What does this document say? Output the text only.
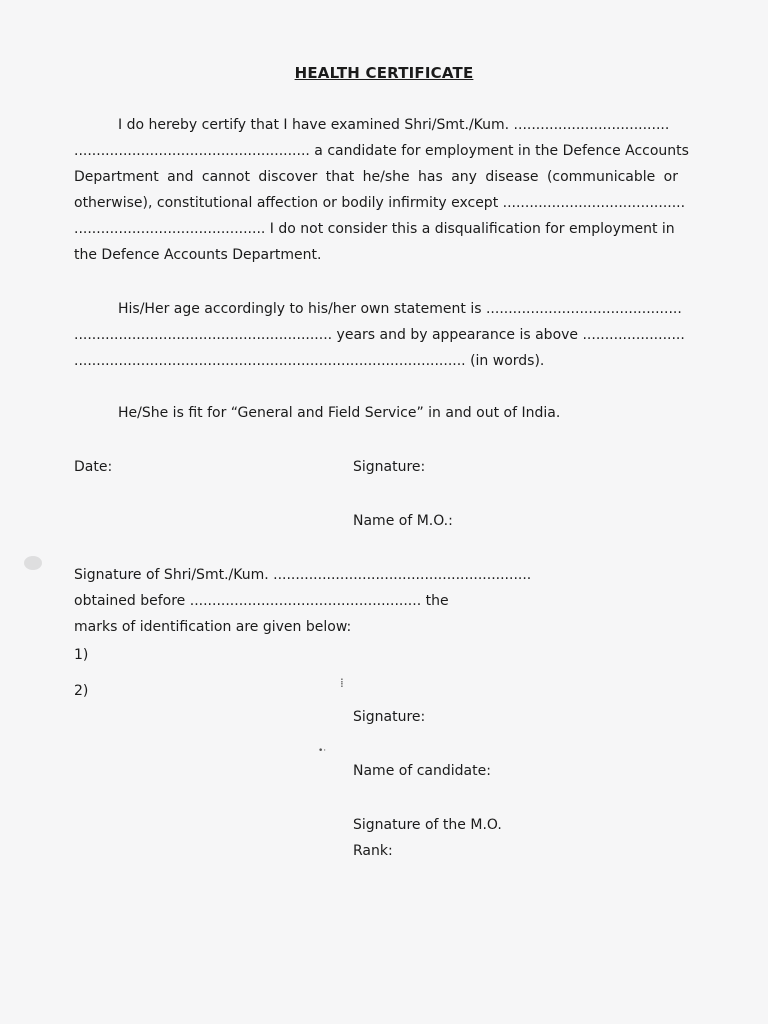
HEALTH CERTIFICATE
I do hereby certify that I have examined Shri/Smt./Kum. ...................................
..................................................... a candidate for employment in the Defence Accounts
Department and cannot discover that he/she has any disease (communicable or
otherwise), constitutional affection or bodily infirmity except .........................................
........................................... I do not consider this a disqualification for employment in
the Defence Accounts Department.
His/Her age accordingly to his/her own statement is ............................................
.......................................................... years and by appearance is above .......................
........................................................................................ (in words).
He/She is fit for “General and Field Service” in and out of India.
Date:	Signature:
Name of M.O.:
Signature of Shri/Smt./Kum. ..........................................................
obtained before .................................................... the
marks of identification are given below:
1)
2)	⁞
•·
Signature:
Name of candidate:
Signature of the M.O.
Rank:
